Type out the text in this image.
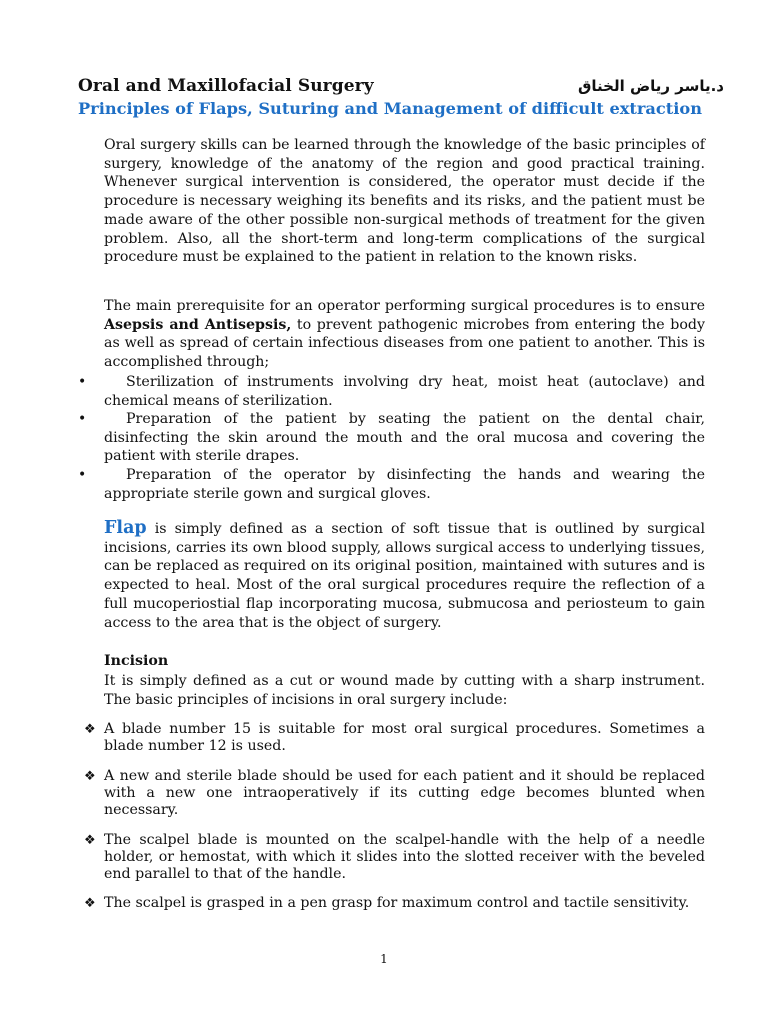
Oral and Maxillofacial Surgery	د.ياسر رياض الخناق
Principles of Flaps, Suturing and Management of difficult extraction

Oral surgery skills can be learned through the knowledge of the basic principles of surgery, knowledge of the anatomy of the region and good practical training. Whenever surgical intervention is considered, the operator must decide if the procedure is necessary weighing its benefits and its risks, and the patient must be made aware of the other possible non-surgical methods of treatment for the given problem. Also, all the short-term and long-term complications of the surgical procedure must be explained to the patient in relation to the known risks.

The main prerequisite for an operator performing surgical procedures is to ensure Asepsis and Antisepsis, to prevent pathogenic microbes from entering the body as well as spread of certain infectious diseases from one patient to another. This is accomplished through;

•	Sterilization of instruments involving dry heat, moist heat (autoclave) and chemical means of sterilization.
•	Preparation of the patient by seating the patient on the dental chair, disinfecting the skin around the mouth and the oral mucosa and covering the patient with sterile drapes.
•	Preparation of the operator by disinfecting the hands and wearing the appropriate sterile gown and surgical gloves.

Flap is simply defined as a section of soft tissue that is outlined by surgical incisions, carries its own blood supply, allows surgical access to underlying tissues, can be replaced as required on its original position, maintained with sutures and is expected to heal. Most of the oral surgical procedures require the reflection of a full mucoperiostial flap incorporating mucosa, submucosa and periosteum to gain access to the area that is the object of surgery.

Incision

It is simply defined as a cut or wound made by cutting with a sharp instrument. The basic principles of incisions in oral surgery include:

❖ A blade number 15 is suitable for most oral surgical procedures. Sometimes a blade number 12 is used.
❖ A new and sterile blade should be used for each patient and it should be replaced with a new one intraoperatively if its cutting edge becomes blunted when necessary.
❖ The scalpel blade is mounted on the scalpel-handle with the help of a needle holder, or hemostat, with which it slides into the slotted receiver with the beveled end parallel to that of the handle.
❖ The scalpel is grasped in a pen grasp for maximum control and tactile sensitivity.
1
